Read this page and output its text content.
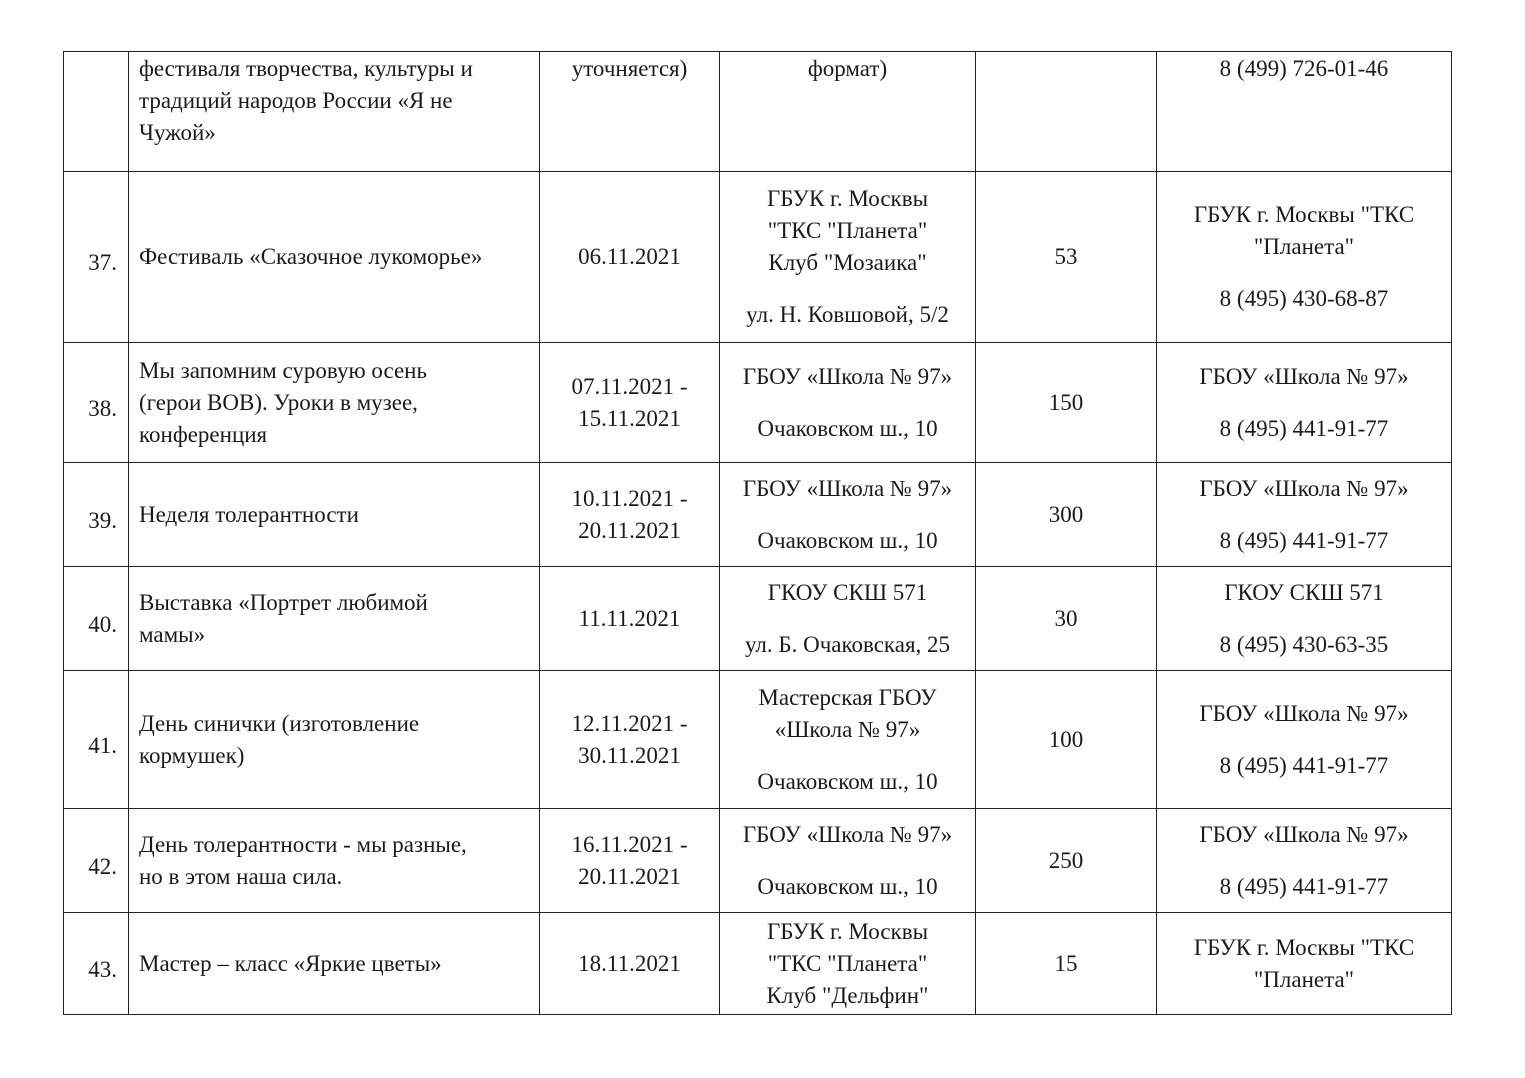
	фестиваля творчества, культуры и
традиций народов России «Я не
Чужой»	уточняется)	формат)		8 (499) 726-01-46

37.	Фестиваль «Сказочное лукоморье»	06.11.2021	ГБУК г. Москвы
"ТКС "Планета"
Клуб "Мозаика"
ул. Н. Ковшовой, 5/2	53	ГБУК г. Москвы "ТКС
"Планета"
8 (495) 430-68-87

38.	Мы запомним суровую осень
(герои ВОВ). Уроки в музее,
конференция	07.11.2021 -
15.11.2021	ГБОУ «Школа № 97»
Очаковском ш., 10	150	ГБОУ «Школа № 97»
8 (495) 441-91-77

39.	Неделя толерантности	10.11.2021 -
20.11.2021	ГБОУ «Школа № 97»
Очаковском ш., 10	300	ГБОУ «Школа № 97»
8 (495) 441-91-77

40.	Выставка «Портрет любимой
мамы»	11.11.2021	ГКОУ СКШ 571
ул. Б. Очаковская, 25	30	ГКОУ СКШ 571
8 (495) 430-63-35

41.	День синички (изготовление
кормушек)	12.11.2021 -
30.11.2021	Мастерская ГБОУ
«Школа № 97»
Очаковском ш., 10	100	ГБОУ «Школа № 97»
8 (495) 441-91-77

42.	День толерантности - мы разные,
но в этом наша сила.	16.11.2021 -
20.11.2021	ГБОУ «Школа № 97»
Очаковском ш., 10	250	ГБОУ «Школа № 97»
8 (495) 441-91-77

43.	Мастер – класс «Яркие цветы»	18.11.2021	ГБУК г. Москвы
"ТКС "Планета"
Клуб "Дельфин"	15	ГБУК г. Москвы "ТКС
"Планета"
